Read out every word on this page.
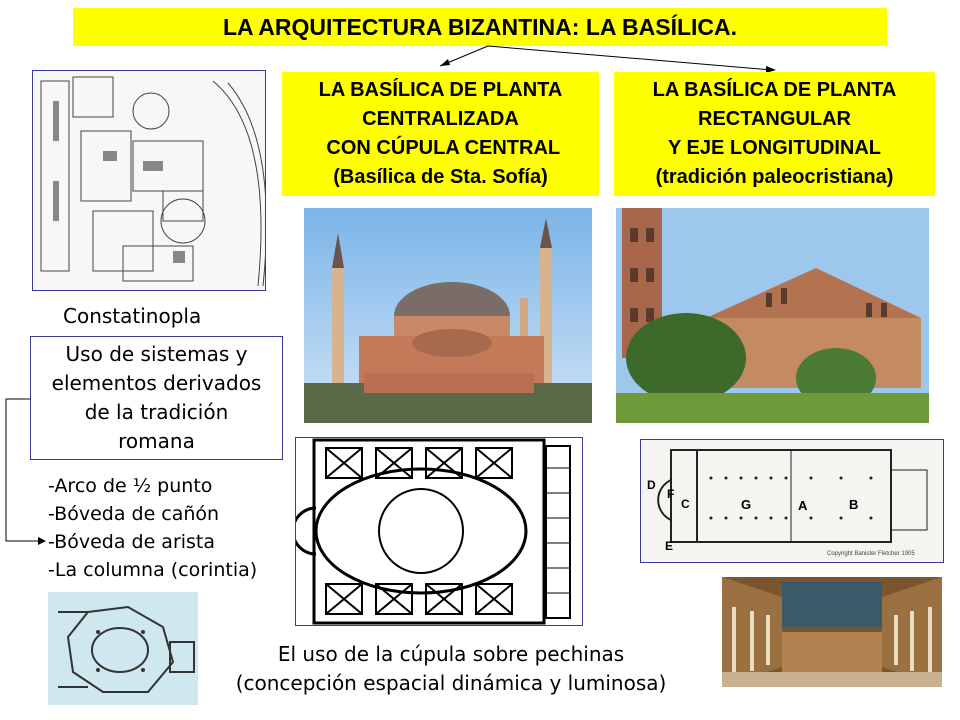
LA ARQUITECTURA BIZANTINA: LA BASÍLICA.
Constatinopla
LA BASÍLICA DE PLANTA
CENTRALIZADA
CON CÚPULA CENTRAL
(Basílica de Sta. Sofía)
LA BASÍLICA DE PLANTA
RECTANGULAR
Y EJE LONGITUDINAL
(tradición paleocristiana)
Uso de sistemas y
elementos derivados
de la tradición
romana
-Arco de ½ punto
-Bóveda de cañón
-Bóveda de arista
-La columna (corintia)
D
F
C	G	A	B
E
Copyright Banister Fletcher 1905
El uso de la cúpula sobre pechinas
(concepción espacial dinámica y luminosa)
